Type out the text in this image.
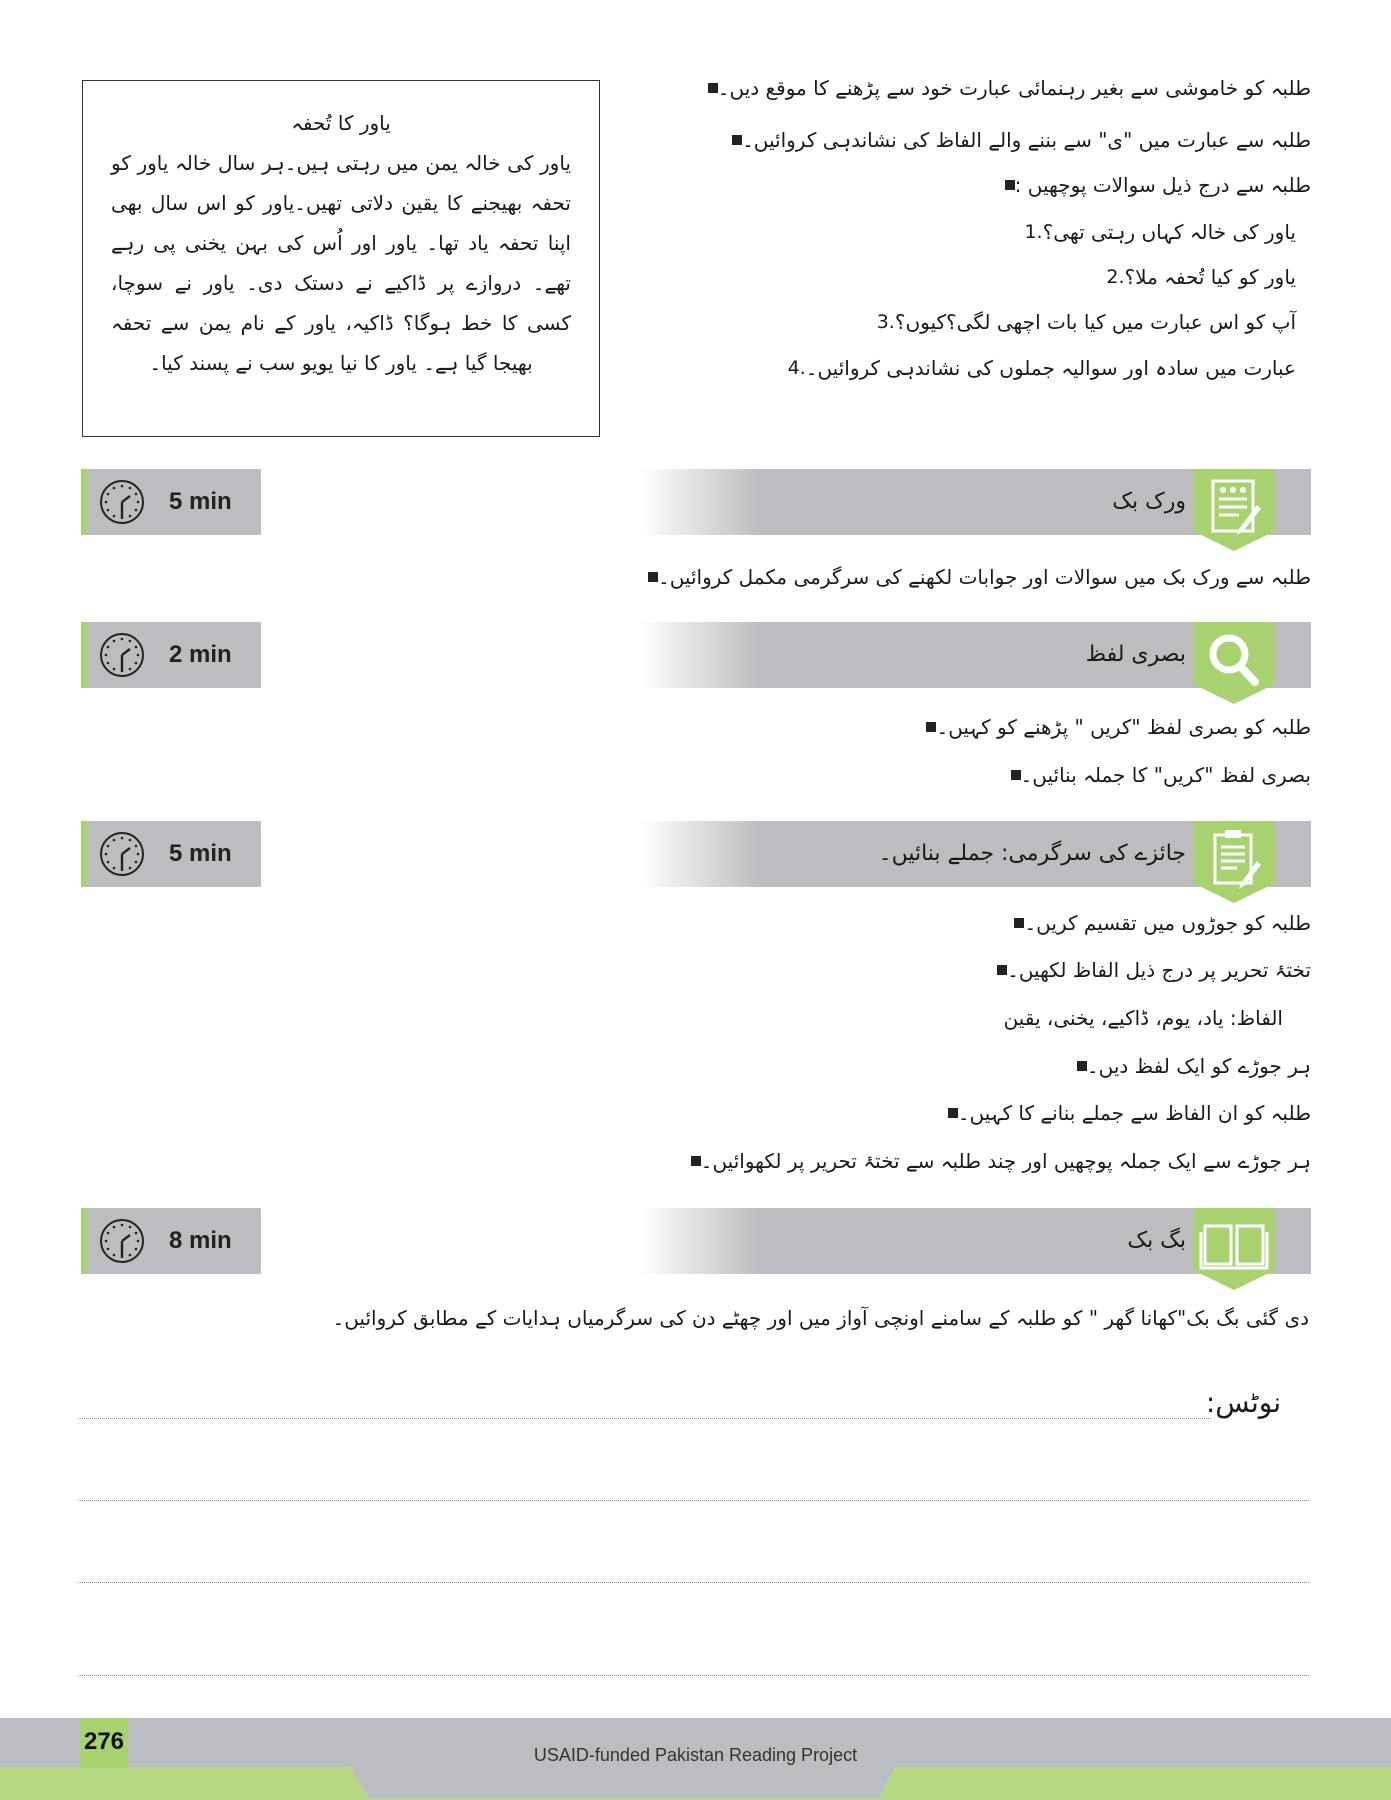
یاور کا تُحفہ
یاور کی خالہ یمن میں رہتی ہیں۔ہر سال خالہ یاور کو تحفہ بھیجنے کا یقین دلاتی تھیں۔یاور کو اس سال بھی اپنا تحفہ یاد تھا۔ یاور اور اُس کی بہن یخنی پی رہے تھے۔ دروازے پر ڈاکیے نے دستک دی۔ یاور نے سوچا، کسی کا خط ہوگا؟ ڈاکیہ، یاور کے نام یمن سے تحفہ بھیجا گیا ہے۔ یاور کا نیا یویو سب نے پسند کیا۔
طلبہ کو خاموشی سے بغیر رہنمائی عبارت خود سے پڑھنے کا موقع دیں۔
طلبہ سے عبارت میں "ی" سے بننے والے الفاظ کی نشاندہی کروائیں۔
طلبہ سے درج ذیل سوالات پوچھیں :
1. یاور کی خالہ کہاں رہتی تھی؟
2. یاور کو کیا تُحفہ ملا؟
3. آپ کو اس عبارت میں کیا بات اچھی لگی؟کیوں؟
4. عبارت میں سادہ اور سوالیہ جملوں کی نشاندہی کروائیں۔
5 min	ورک بک
طلبہ سے ورک بک میں سوالات اور جوابات لکھنے کی سرگرمی مکمل کروائیں۔
2 min	بصری لفظ
طلبہ کو بصری لفظ "کریں " پڑھنے کو کہیں۔
بصری لفظ "کریں" کا جملہ بنائیں۔
5 min	جائزے کی سرگرمی: جملے بنائیں۔
طلبہ کو جوڑوں میں تقسیم کریں۔
تختۂ تحریر پر درج ذیل الفاظ لکھیں۔
الفاظ: یاد، یوم، ڈاکیے، یخنی، یقین
ہر جوڑے کو ایک لفظ دیں۔
طلبہ کو ان الفاظ سے جملے بنانے کا کہیں۔
ہر جوڑے سے ایک جملہ پوچھیں اور چند طلبہ سے تختۂ تحریر پر لکھوائیں۔
8 min	بگ بک
دی گئی بگ بک"کھانا گھر " کو طلبہ کے سامنے اونچی آواز میں اور چھٹے دن کی سرگرمیاں ہدایات کے مطابق کروائیں۔
نوٹس:
276	USAID-funded Pakistan Reading Project
